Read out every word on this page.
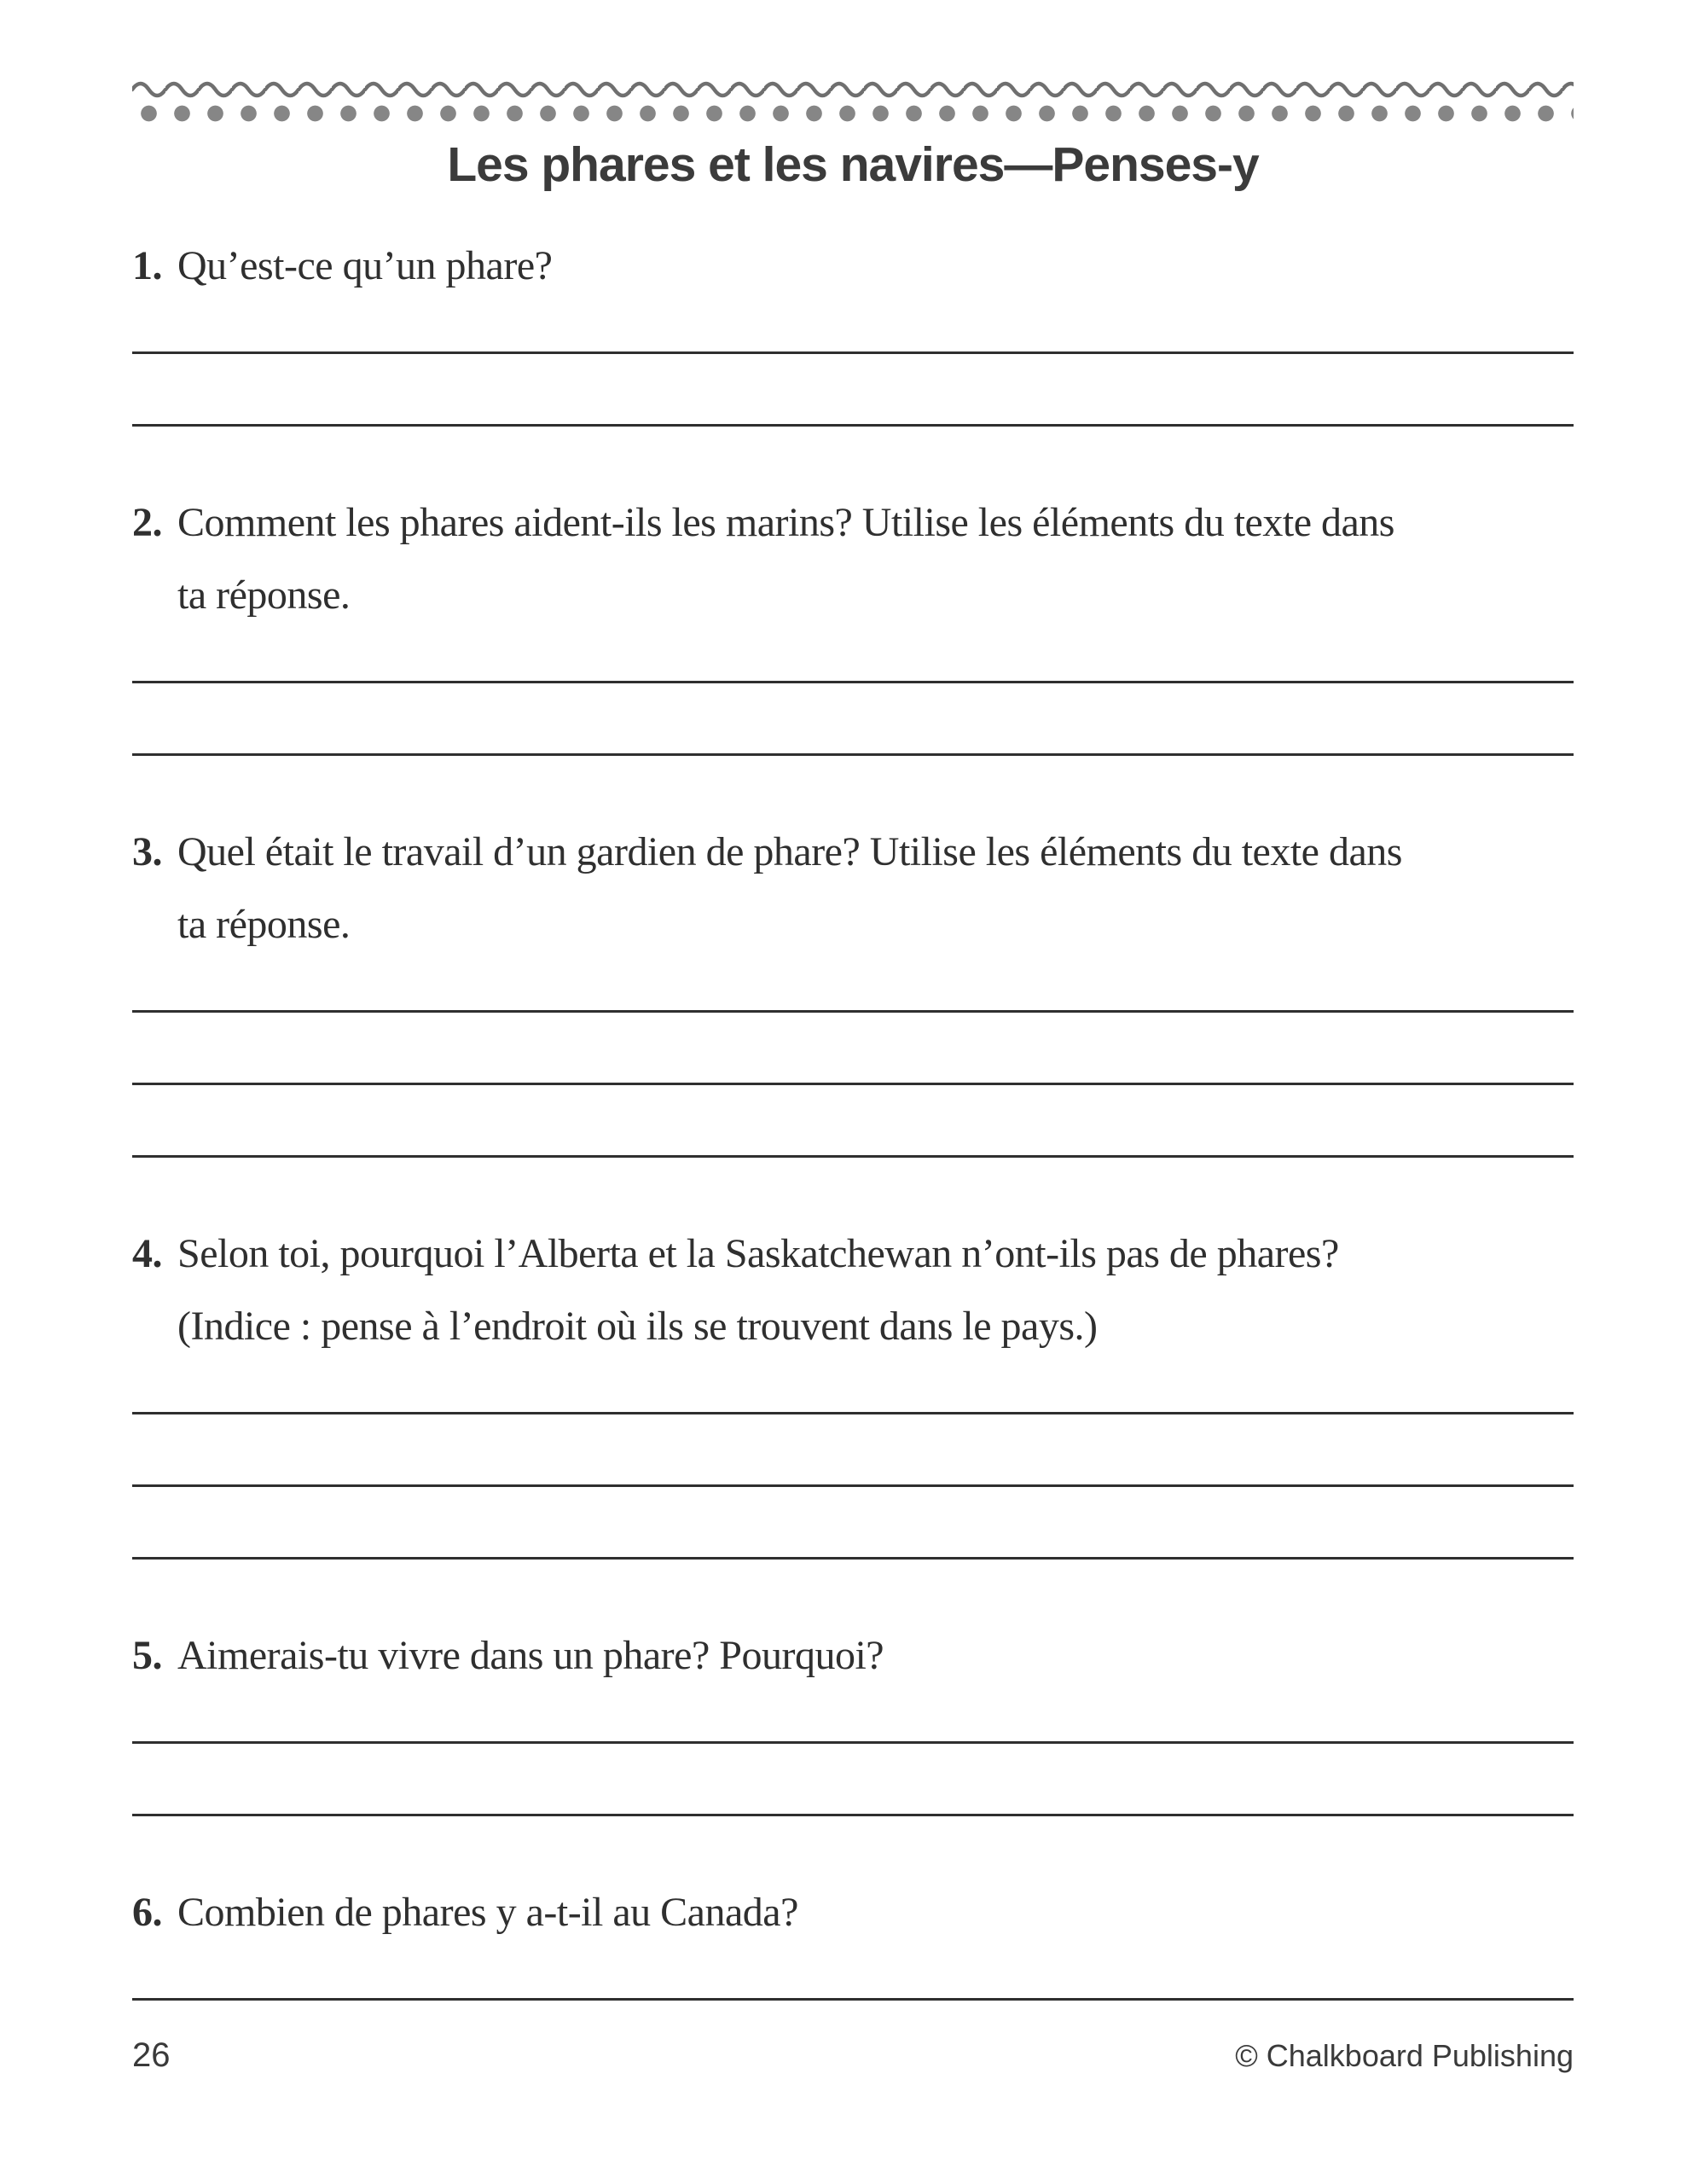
Les phares et les navires—Penses-y
1. Qu’est-ce qu’un phare?
2. Comment les phares aident-ils les marins? Utilise les éléments du texte dans
ta réponse.
3. Quel était le travail d’un gardien de phare? Utilise les éléments du texte dans
ta réponse.
4. Selon toi, pourquoi l’Alberta et la Saskatchewan n’ont-ils pas de phares?
(Indice : pense à l’endroit où ils se trouvent dans le pays.)
5. Aimerais-tu vivre dans un phare? Pourquoi?
6. Combien de phares y a-t-il au Canada?
26	© Chalkboard Publishing
